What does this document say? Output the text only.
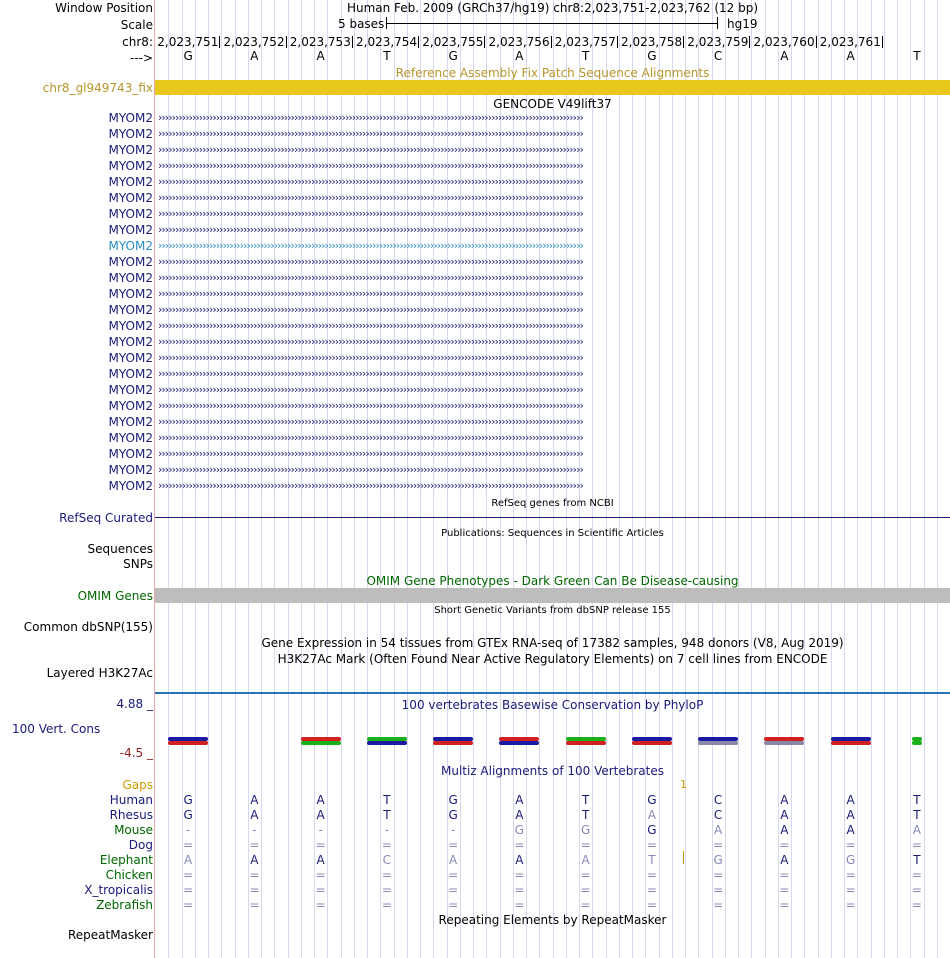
Window Position	Human Feb. 2009 (GRCh37/hg19) chr8:2,023,751-2,023,762 (12 bp)
Scale	5 bases	hg19
chr8: 2,023,751 2,023,752 2,023,753 2,023,754 2,023,755 2,023,756 2,023,757 2,023,758 2,023,759 2,023,760 2,023,761
--->	G	A	A	T	G	A	T	G	C	A	A	T
Reference Assembly Fix Patch Sequence Alignments
chr8_gl949743_fix
GENCODE V49lift37
MYOM2 ›››››››››››››››››››››››››››››››››››››››››››››››››››››››››››››››››››››››››››››››››››››››››››››››››››››››››››››››››››››››››››››
MYOM2 ›››››››››››››››››››››››››››››››››››››››››››››››››››››››››››››››››››››››››››››››››››››››››››››››››››››››››››››››››››››››››››››
MYOM2 ›››››››››››››››››››››››››››››››››››››››››››››››››››››››››››››››››››››››››››››››››››››››››››››››››››››››››››››››››››››››››››››
MYOM2 ›››››››››››››››››››››››››››››››››››››››››››››››››››››››››››››››››››››››››››››››››››››››››››››››››››››››››››››››››››››››››››››
MYOM2 ›››››››››››››››››››››››››››››››››››››››››››››››››››››››››››››››››››››››››››››››››››››››››››››››››››››››››››››››››››››››››››››
MYOM2 ›››››››››››››››››››››››››››››››››››››››››››››››››››››››››››››››››››››››››››››››››››››››››››››››››››››››››››››››››››››››››››››
MYOM2 ›››››››››››››››››››››››››››››››››››››››››››››››››››››››››››››››››››››››››››››››››››››››››››››››››››››››››››››››››››››››››››››
MYOM2 ›››››››››››››››››››››››››››››››››››››››››››››››››››››››››››››››››››››››››››››››››››››››››››››››››››››››››››››››››››››››››››››
MYOM2 ›››››››››››››››››››››››››››››››››››››››››››››››››››››››››››››››››››››››››››››››››››››››››››››››››››››››››››››››››››››››››››››
MYOM2 ›››››››››››››››››››››››››››››››››››››››››››››››››››››››››››››››››››››››››››››››››››››››››››››››››››››››››››››››››››››››››››››
MYOM2 ›››››››››››››››››››››››››››››››››››››››››››››››››››››››››››››››››››››››››››››››››››››››››››››››››››››››››››››››››››››››››››››
MYOM2 ›››››››››››››››››››››››››››››››››››››››››››››››››››››››››››››››››››››››››››››››››››››››››››››››››››››››››››››››››››››››››››››
MYOM2 ›››››››››››››››››››››››››››››››››››››››››››››››››››››››››››››››››››››››››››››››››››››››››››››››››››››››››››››››››››››››››››››
MYOM2 ›››››››››››››››››››››››››››››››››››››››››››››››››››››››››››››››››››››››››››››››››››››››››››››››››››››››››››››››››››››››››››››
MYOM2 ›››››››››››››››››››››››››››››››››››››››››››››››››››››››››››››››››››››››››››››››››››››››››››››››››››››››››››››››››››››››››››››
MYOM2 ›››››››››››››››››››››››››››››››››››››››››››››››››››››››››››››››››››››››››››››››››››››››››››››››››››››››››››››››››››››››››››››
MYOM2 ›››››››››››››››››››››››››››››››››››››››››››››››››››››››››››››››››››››››››››››››››››››››››››››››››››››››››››››››››››››››››››››
MYOM2 ›››››››››››››››››››››››››››››››››››››››››››››››››››››››››››››››››››››››››››››››››››››››››››››››››››››››››››››››››››››››››››››
MYOM2 ›››››››››››››››››››››››››››››››››››››››››››››››››››››››››››››››››››››››››››››››››››››››››››››››››››››››››››››››››››››››››››››
MYOM2 ›››››››››››››››››››››››››››››››››››››››››››››››››››››››››››››››››››››››››››››››››››››››››››››››››››››››››››››››››››››››››››››
MYOM2 ›››››››››››››››››››››››››››››››››››››››››››››››››››››››››››››››››››››››››››››››››››››››››››››››››››››››››››››››››››››››››››››
MYOM2 ›››››››››››››››››››››››››››››››››››››››››››››››››››››››››››››››››››››››››››››››››››››››››››››››››››››››››››››››››››››››››››››
MYOM2 ›››››››››››››››››››››››››››››››››››››››››››››››››››››››››››››››››››››››››››››››››››››››››››››››››››››››››››››››››››››››››››››
MYOM2 ›››››››››››››››››››››››››››››››››››››››››››››››››››››››››››››››››››››››››››››››››››››››››››››››››››››››››››››››››››››››››››››
RefSeq genes from NCBI
RefSeq Curated
Publications: Sequences in Scientific Articles
Sequences
SNPs
OMIM Gene Phenotypes - Dark Green Can Be Disease-causing
OMIM Genes
Short Genetic Variants from dbSNP release 155
Common dbSNP(155)
Gene Expression in 54 tissues from GTEx RNA-seq of 17382 samples, 948 donors (V8, Aug 2019)
H3K27Ac Mark (Often Found Near Active Regulatory Elements) on 7 cell lines from ENCODE
Layered H3K27Ac
100 vertebrates Basewise Conservation by PhyloP
4.88 _
100 Vert. Cons
-4.5 _
Multiz Alignments of 100 Vertebrates
Gaps	1
Human	G	A	A	T	G	A	T	G	C	A	A	T
Rhesus	G	A	A	T	G	A	T	A	C	A	A	T
Mouse	-	-	-	-	-	G	G	G	A	A	A	A
Dog	=	=	=	=	=	=	=	=	=	=	=	=
Elephant	A	A	A	C	A	A	A	T	G	A	G	T
Chicken	=	=	=	=	=	=	=	=	=	=	=	=
X_tropicalis	=	=	=	=	=	=	=	=	=	=	=	=
Zebrafish	=	=	=	=	=	=	=	=	=	=	=	=
Repeating Elements by RepeatMasker
RepeatMasker
